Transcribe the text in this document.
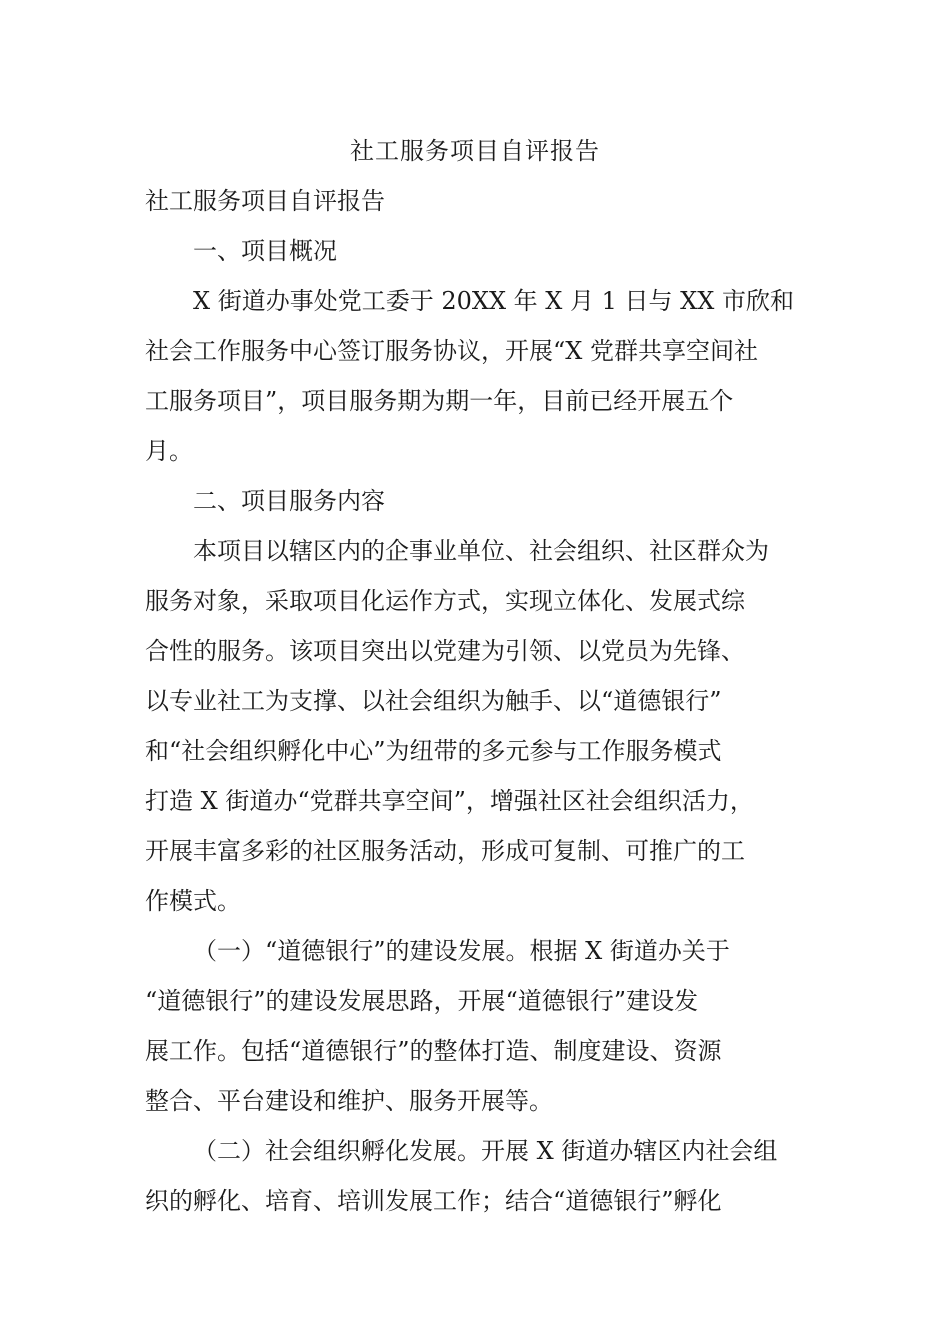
社工服务项目自评报告
社工服务项目自评报告
一、项目概况
X 街道办事处党工委于 20XX 年 X 月 1 日与 XX 市欣和
社会工作服务中心签订服务协议，开展“X 党群共享空间社
工服务项目”，项目服务期为期一年，目前已经开展五个
月。
二、项目服务内容
本项目以辖区内的企事业单位、社会组织、社区群众为
服务对象，采取项目化运作方式，实现立体化、发展式综
合性的服务。该项目突出以党建为引领、以党员为先锋、
以专业社工为支撑、以社会组织为触手、以“道德银行”
和“社会组织孵化中心”为纽带的多元参与工作服务模式
打造 X 街道办“党群共享空间”，增强社区社会组织活力，
开展丰富多彩的社区服务活动，形成可复制、可推广的工
作模式。
（一）“道德银行”的建设发展。根据 X 街道办关于
“道德银行”的建设发展思路，开展“道德银行”建设发
展工作。包括“道德银行”的整体打造、制度建设、资源
整合、平台建设和维护、服务开展等。
（二）社会组织孵化发展。开展 X 街道办辖区内社会组
织的孵化、培育、培训发展工作；结合“道德银行”孵化
